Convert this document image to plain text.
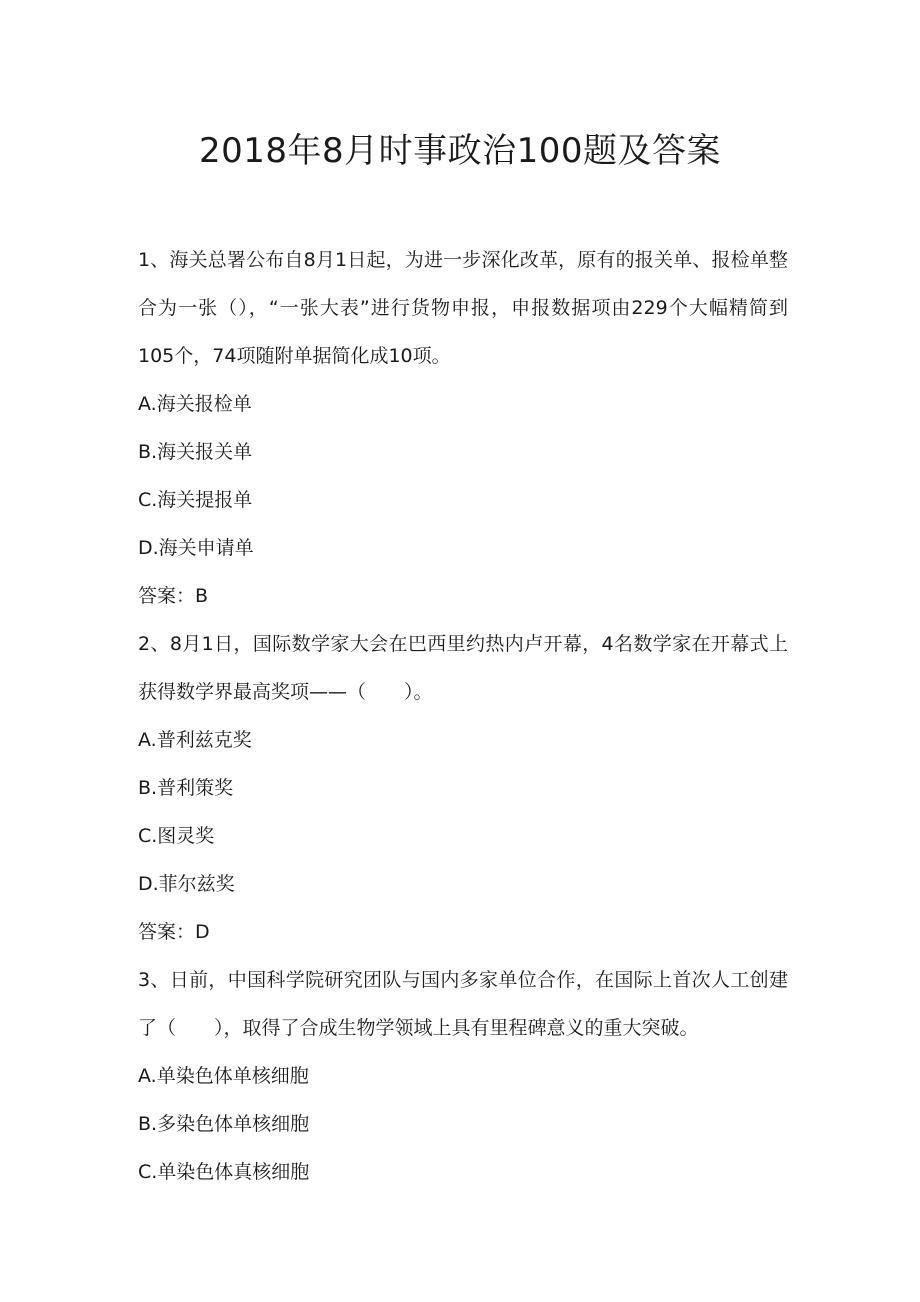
2018年8月时事政治100题及答案

1、海关总署公布自8月1日起，为进一步深化改革，原有的报关单、报检单整合为一张（），“一张大表”进行货物申报，申报数据项由229个大幅精简到105个，74项随附单据简化成10项。

A.海关报检单

B.海关报关单

C.海关提报单

D.海关申请单

答案：B

2、8月1日，国际数学家大会在巴西里约热内卢开幕，4名数学家在开幕式上获得数学界最高奖项——（　　）。

A.普利兹克奖

B.普利策奖

C.图灵奖

D.菲尔兹奖

答案：D

3、日前，中国科学院研究团队与国内多家单位合作，在国际上首次人工创建了（　　），取得了合成生物学领域上具有里程碑意义的重大突破。

A.单染色体单核细胞

B.多染色体单核细胞

C.单染色体真核细胞
